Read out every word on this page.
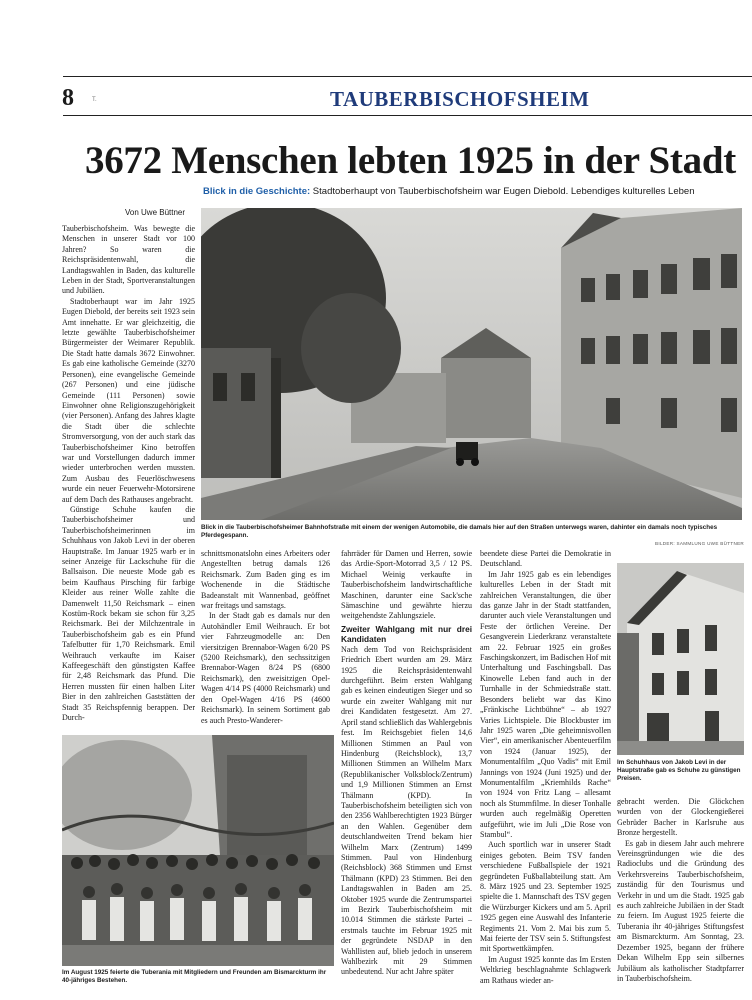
8	T.	TAUBERBISCHOFSHEIM
3672 Menschen lebten 1925 in der Stadt
Blick in die Geschichte: Stadtoberhaupt von Tauberbischofsheim war Eugen Diebold. Lebendiges kulturelles Leben
Von Uwe Büttner

Tauberbischofsheim. Was bewegte die Menschen in unserer Stadt vor 100 Jahren? So waren die Reichspräsidentenwahl, die Landtagswahlen in Baden, das kulturelle Leben in der Stadt, Sportveranstaltungen und Jubiläen.

Stadtoberhaupt war im Jahr 1925 Eugen Diebold, der bereits seit 1923 sein Amt innehatte. Er war gleichzeitig, die letzte gewählte Tauberbischofsheimer Bürgermeister der Weimarer Republik. Die Stadt hatte damals 3672 Einwohner. Es gab eine katholische Gemeinde (3270 Personen), eine evangelische Gemeinde (267 Personen) und eine jüdische Gemeinde (111 Personen) sowie Einwohner ohne Religionszugehörigkeit (vier Personen). Anfang des Jahres klagte die Stadt über die schlechte Stromversorgung, von der auch stark das Tauberbischofsheimer Kino betroffen war und Vorstellungen dadurch immer wieder unterbrochen werden mussten. Zum Ausbau des Feuerlöschwesens wurde ein neuer Feuerwehr-Motorsirene auf dem Dach des Rathauses angebracht.

Günstige Schuhe kaufen die Tauberbischofsheimer und Tauberbischofsheimerinnen im Schuhhaus von Jakob Levi in der oberen Hauptstraße. Im Januar 1925 warb er in seiner Anzeige für Lackschuhe für die Ballsaison. Die neueste Mode gab es beim Kaufhaus Pirsching für farbige Kleider aus reiner Wolle zahlte die Damenwelt 11,50 Reichsmark – einen Kostüm-Rock bekam sie schon für 3,25 Reichsmark. Bei der Milchzentrale in Tauberbischofsheim gab es ein Pfund Tafelbutter für 1,70 Reichsmark. Emil Weihrauch verkaufte im Kaiser Kaffeegeschäft den günstigsten Kaffee für 2,48 Reichsmark das Pfund. Die Herren mussten für einen halben Liter Bier in den zahlreichen Gaststätten der Stadt 35 Reichspfennig berappen. Der Durch-

Blick in die Tauberbischofsheimer Bahnhofstraße mit einem der wenigen Automobile, die damals hier auf den Straßen unterwegs waren, dahinter ein damals noch typisches Pferdegespann.
BILDER: SAMMLUNG UWE BÜTTNER

schnittsmonatslohn eines Arbeiters oder Angestellten betrug damals 126 Reichsmark. Zum Baden ging es im Wochenende in die Städtische Badeanstalt mit Wannenbad, geöffnet war freitags und samstags.

In der Stadt gab es damals nur den Autohändler Emil Weihrauch. Er bot vier Fahrzeugmodelle an: Den viersitzigen Brennabor-Wagen 6/20 PS (5200 Reichsmark), den sechssitzigen Brennabor-Wagen 8/24 PS (6800 Reichsmark), den zweisitzigen Opel-Wagen 4/14 PS (4000 Reichsmark) und den Opel-Wagen 4/16 PS (4600 Reichsmark). In seinem Sortiment gab es auch Presto-Wanderer-

fahrräder für Damen und Herren, sowie das Ardie-Sport-Motorrad 3,5 / 12 PS. Michael Weinig verkaufte in Tauberbischofsheim landwirtschaftliche Maschinen, darunter eine Sack'sche Sämaschine und gewährte hierzu weitgehendste Zahlungsziele.

Zweiter Wahlgang mit nur drei Kandidaten

Nach dem Tod von Reichspräsident Friedrich Ebert wurden am 29. März 1925 die Reichspräsidentenwahl durchgeführt. Beim ersten Wahlgang gab es keinen eindeutigen Sieger und so wurde ein zweiter Wahlgang mit nur drei Kandidaten festgesetzt. Am 27. April stand schließlich das Wahlergebnis fest. Im Reichsgebiet fielen 14,6 Millionen Stimmen an Paul von Hindenburg (Reichsblock), 13,7 Millionen Stimmen an Wilhelm Marx (Republikanischer Volksblock/Zentrum) und 1,9 Millionen Stimmen an Ernst Thälmann (KPD). In Tauberbischofsheim beteiligten sich von den 2356 Wahlberechtigten 1923 Bürger an den Wahlen. Gegenüber dem deutschlandweiten Trend bekam hier Wilhelm Marx (Zentrum) 1499 Stimmen. Paul von Hindenburg (Reichsblock) 368 Stimmen und Ernst Thälmann (KPD) 23 Stimmen. Bei den Landtagswahlen in Baden am 25. Oktober 1925 wurde die Zentrumspartei im Bezirk Tauberbischofsheim mit 10.014 Stimmen die stärkste Partei – erstmals tauchte im Februar 1925 mit der gegründete NSDAP in den Wahllisten auf, blieb jedoch in unserem Wahlbezirk mit 29 Stimmen unbedeutend. Nur acht Jahre später

beendete diese Partei die Demokratie in Deutschland.

Im Jahr 1925 gab es ein lebendiges kulturelles Leben in der Stadt mit zahlreichen Veranstaltungen, die über das ganze Jahr in der Stadt stattfanden, darunter auch viele Veranstaltungen und Feste der örtlichen Vereine. Der Gesangverein Liederkranz veranstaltete am 22. Februar 1925 ein großes Faschingskonzert, im Badischen Hof mit Unterhaltung und Faschingsball. Das Kinowelle Leben fand auch in der Turnhalle in der Schmiedstraße statt. Besonders beliebt war das Kino „Fränkische Lichtbühne“ – ab 1927 Varies Lichtspiele. Die Blockbuster im Jahr 1925 waren „Die geheimnisvollen Vier“, ein amerikanischer Abenteuerfilm von 1924 (Januar 1925), der Monumentalfilm „Quo Vadis“ mit Emil Jannings von 1924 (Juni 1925) und der Monumentalfilm „Kriemhilds Rache“ von 1924 von Fritz Lang – allesamt noch als Stummfilme. In dieser Tonhalle wurden auch regelmäßig Operetten aufgeführt, wie im Juli „Die Rose von Stambul“.

Auch sportlich war in unserer Stadt einiges geboten. Beim TSV fanden verschiedene Fußballspiele der 1921 gegründeten Fußballabteilung statt. Am 8. März 1925 und 23. September 1925 spielte die 1. Mannschaft des TSV gegen die Würzburger Kickers und am 5. April 1925 gegen eine Auswahl des Infanterie Regiments 21. Vom 2. Mai bis zum 5. Mai feierte der TSV sein 5. Stiftungsfest mit Sportwettkämpfen.

Im August 1925 konnte das Im Ersten Weltkrieg beschlagnahmte Schlagwerk am Rathaus wieder an-

Im Schuhhaus von Jakob Levi in der Hauptstraße gab es Schuhe zu günstigen Preisen.

gebracht werden. Die Glöckchen wurden von der Glockengießerei Gebrüder Bacher in Karlsruhe aus Bronze hergestellt.

Es gab in diesem Jahr auch mehrere Vereinsgründungen wie die des Radioclubs und die Gründung des Verkehrsvereins Tauberbischofsheim, zuständig für den Tourismus und Verkehr in und um die Stadt. 1925 gab es auch zahlreiche Jubiläen in der Stadt zu feiern. Im August 1925 feierte die Tuberania ihr 40-jähriges Stiftungsfest am Bismarckturm. Am Sonntag, 23. Dezember 1925, begann der frühere Dekan Wilhelm Epp sein silbernes Jubiläum als katholischer Stadtpfarrer in Tauberbischofsheim.

Im August 1925 feierte die Tuberania mit Mitgliedern und Freunden am Bismarckturm ihr 40-jähriges Bestehen.
